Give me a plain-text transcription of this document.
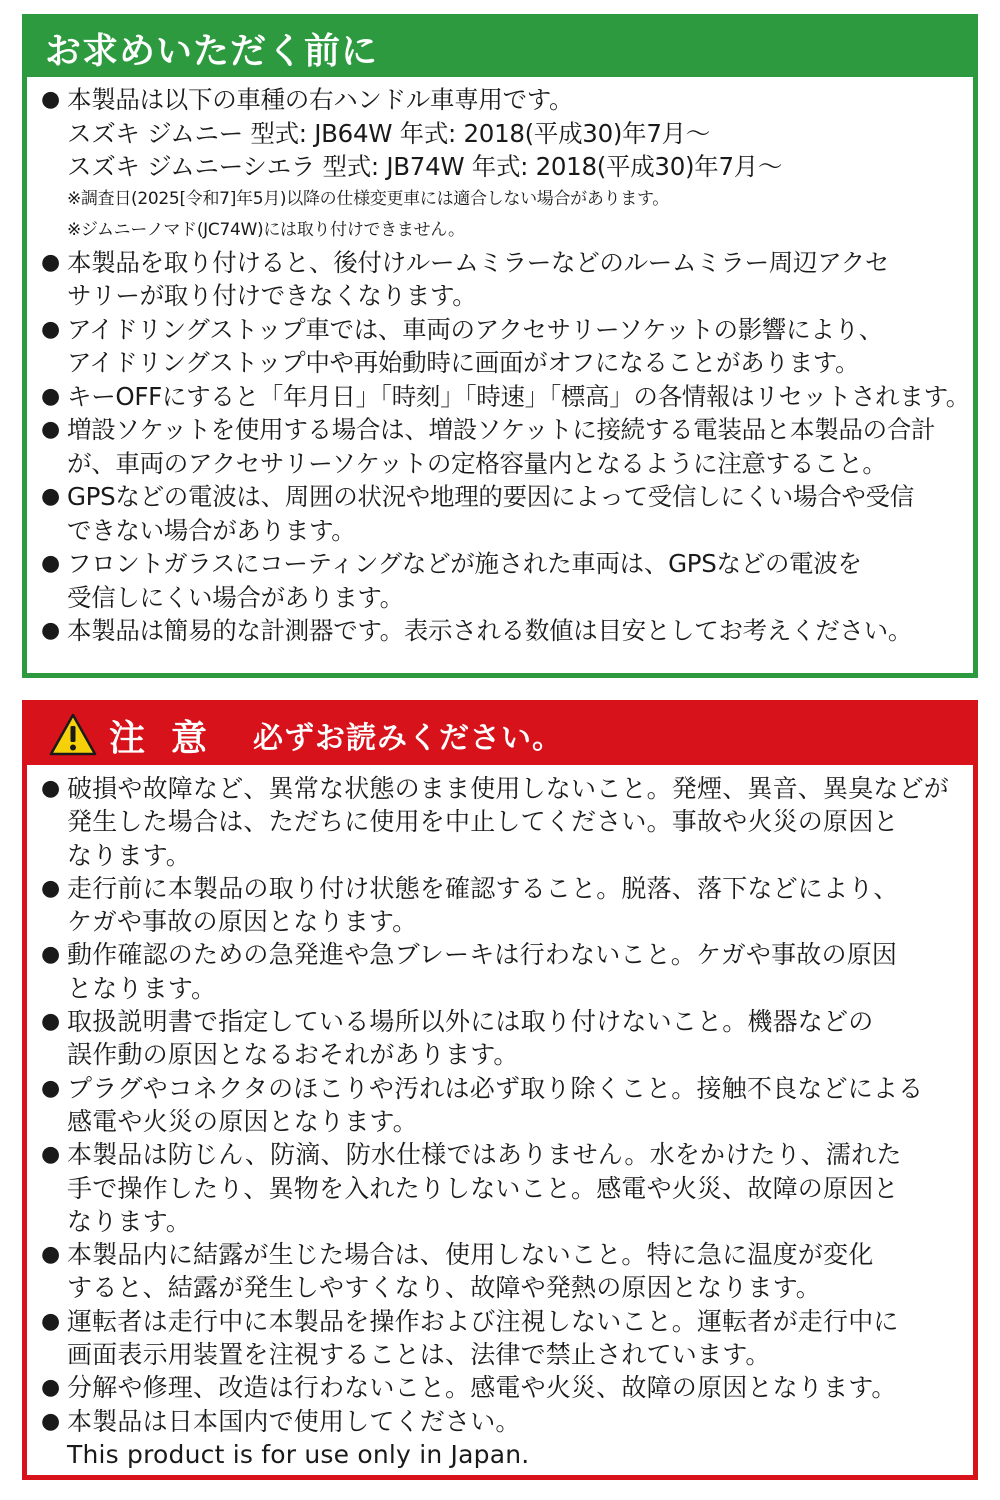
お求めいただく前に
● 本製品は以下の車種の右ハンドル車専用です。
スズキ ジムニー 型式: JB64W 年式: 2018(平成30)年7月〜
スズキ ジムニーシエラ 型式: JB74W 年式: 2018(平成30)年7月〜
※調査日(2025[令和7]年5月)以降の仕様変更車には適合しない場合があります。
※ジムニーノマド(JC74W)には取り付けできません。
● 本製品を取り付けると、後付けルームミラーなどのルームミラー周辺アクセ
サリーが取り付けできなくなります。
● アイドリングストップ車では、車両のアクセサリーソケットの影響により、
アイドリングストップ中や再始動時に画面がオフになることがあります。
● キーOFFにすると「年月日」「時刻」「時速」「標高」の各情報はリセットされます。
● 増設ソケットを使用する場合は、増設ソケットに接続する電装品と本製品の合計
が、車両のアクセサリーソケットの定格容量内となるように注意すること。
● GPSなどの電波は、周囲の状況や地理的要因によって受信しにくい場合や受信
できない場合があります。
● フロントガラスにコーティングなどが施された車両は、GPSなどの電波を
受信しにくい場合があります。
● 本製品は簡易的な計測器です。表示される数値は目安としてお考えください。
注意 必ずお読みください。
● 破損や故障など、異常な状態のまま使用しないこと。発煙、異音、異臭などが
発生した場合は、ただちに使用を中止してください。事故や火災の原因と
なります。
● 走行前に本製品の取り付け状態を確認すること。脱落、落下などにより、
ケガや事故の原因となります。
● 動作確認のための急発進や急ブレーキは行わないこと。ケガや事故の原因
となります。
● 取扱説明書で指定している場所以外には取り付けないこと。機器などの
誤作動の原因となるおそれがあります。
● プラグやコネクタのほこりや汚れは必ず取り除くこと。接触不良などによる
感電や火災の原因となります。
● 本製品は防じん、防滴、防水仕様ではありません。水をかけたり、濡れた
手で操作したり、異物を入れたりしないこと。感電や火災、故障の原因と
なります。
● 本製品内に結露が生じた場合は、使用しないこと。特に急に温度が変化
すると、結露が発生しやすくなり、故障や発熱の原因となります。
● 運転者は走行中に本製品を操作および注視しないこと。運転者が走行中に
画面表示用装置を注視することは、法律で禁止されています。
● 分解や修理、改造は行わないこと。感電や火災、故障の原因となります。
● 本製品は日本国内で使用してください。
This product is for use only in Japan.
